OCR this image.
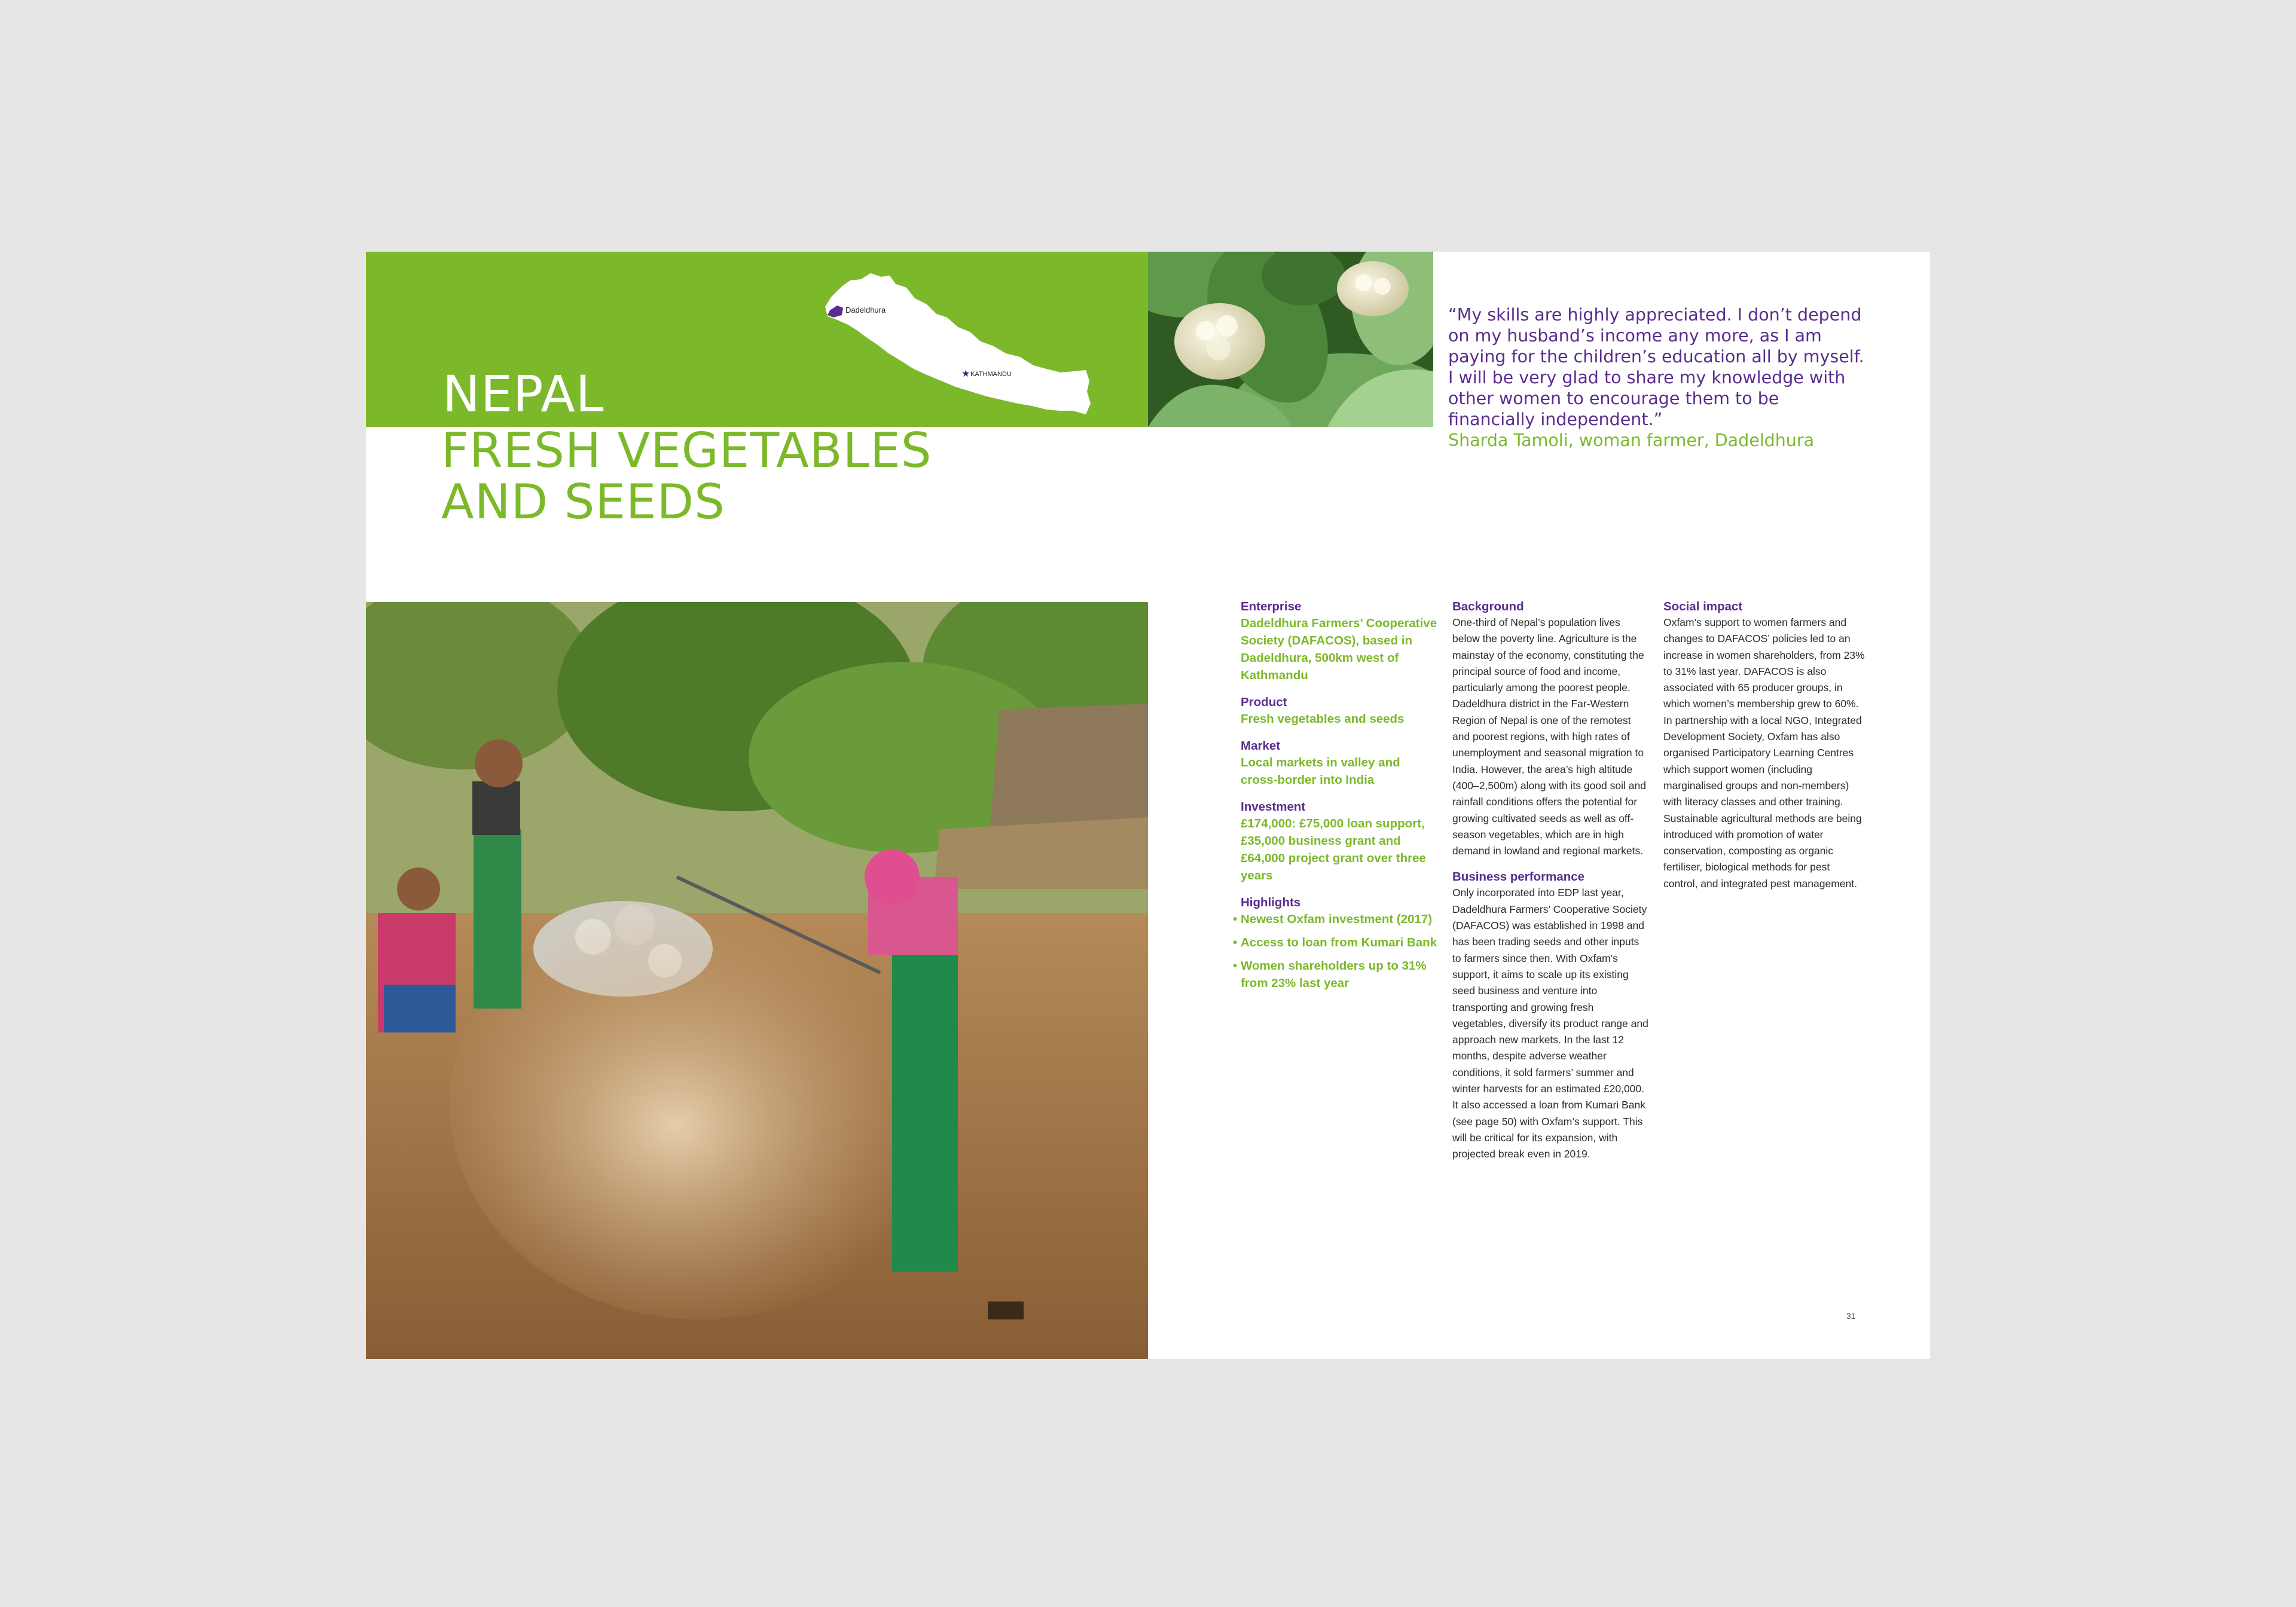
NEPAL
Dadeldhura
★ KATHMANDU

“My skills are highly appreciated. I don’t depend on my husband’s income any more, as I am paying for the children’s education all by myself. I will be very glad to share my knowledge with other women to encourage them to be financially independent.”
Sharda Tamoli, woman farmer, Dadeldhura

FRESH VEGETABLES
AND SEEDS

Enterprise

Dadeldhura Farmers’ Cooperative Society (DAFACOS), based in Dadeldhura, 500km west of Kathmandu

Product

Fresh vegetables and seeds

Market

Local markets in valley and cross-border into India

Investment

£174,000: £75,000 loan support, £35,000 business grant and £64,000 project grant over three years

Highlights

• Newest Oxfam investment (2017)
• Access to loan from Kumari Bank
• Women shareholders up to 31% from 23% last year

Background

One-third of Nepal’s population lives below the poverty line. Agriculture is the mainstay of the economy, constituting the principal source of food and income, particularly among the poorest people. Dadeldhura district in the Far-Western Region of Nepal is one of the remotest and poorest regions, with high rates of unemployment and seasonal migration to India. However, the area’s high altitude (400–2,500m) along with its good soil and rainfall conditions offers the potential for growing cultivated seeds as well as off-season vegetables, which are in high demand in lowland and regional markets.

Business performance

Only incorporated into EDP last year, Dadeldhura Farmers’ Cooperative Society (DAFACOS) was established in 1998 and has been trading seeds and other inputs to farmers since then. With Oxfam’s support, it aims to scale up its existing seed business and venture into transporting and growing fresh vegetables, diversify its product range and approach new markets. In the last 12 months, despite adverse weather conditions, it sold farmers’ summer and winter harvests for an estimated £20,000. It also accessed a loan from Kumari Bank (see page 50) with Oxfam’s support. This will be critical for its expansion, with projected break even in 2019.

Social impact

Oxfam’s support to women farmers and changes to DAFACOS’ policies led to an increase in women shareholders, from 23% to 31% last year. DAFACOS is also associated with 65 producer groups, in which women’s membership grew to 60%. In partnership with a local NGO, Integrated Development Society, Oxfam has also organised Participatory Learning Centres which support women (including marginalised groups and non-members) with literacy classes and other training. Sustainable agricultural methods are being introduced with promotion of water conservation, composting as organic fertiliser, biological methods for pest control, and integrated pest management.

31
